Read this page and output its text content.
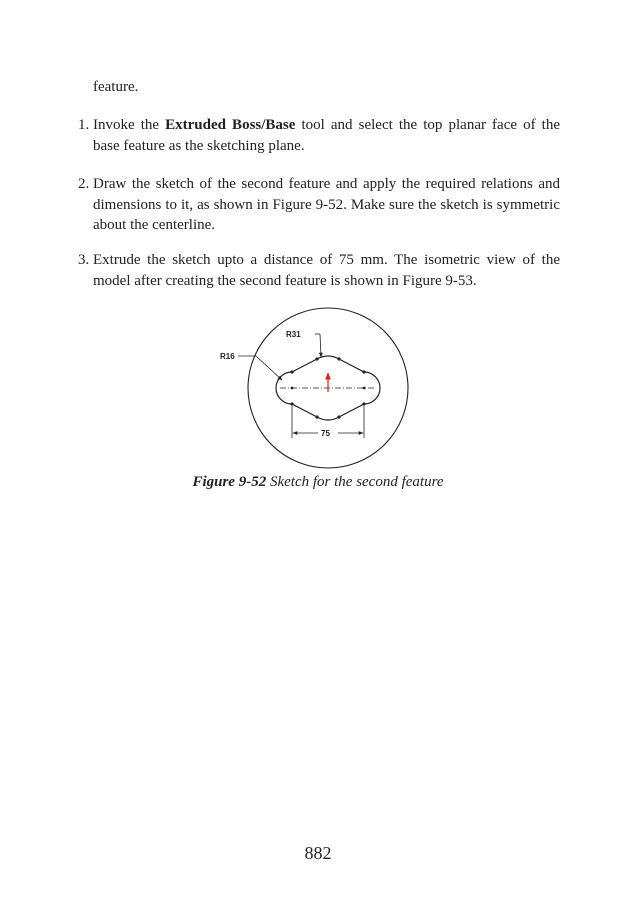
feature.
1. Invoke the Extruded Boss/Base tool and select the top planar face of the base feature as the sketching plane.

2. Draw the sketch of the second feature and apply the required relations and dimensions to it, as shown in Figure 9-52. Make sure the sketch is symmetric about the centerline.

3. Extrude the sketch upto a distance of 75 mm. The isometric view of the model after creating the second feature is shown in Figure 9-53.

R31
R16
75
Figure 9-52 Sketch for the second feature
882
